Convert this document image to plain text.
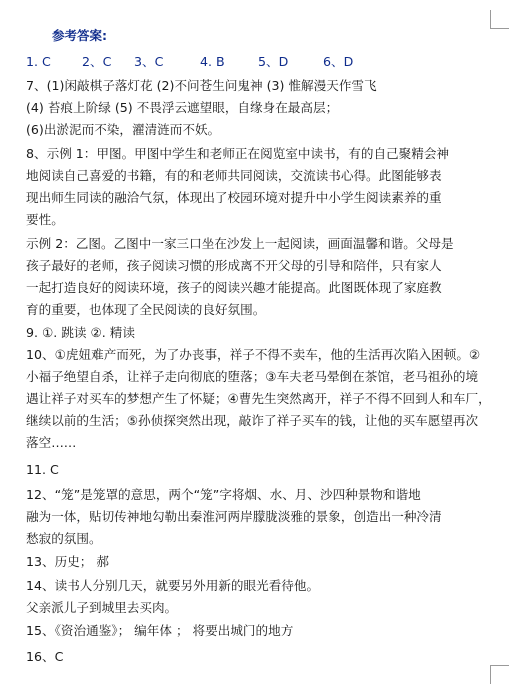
参考答案:
1. C 2、C 3、C	4. B	5、D	6、D
7、(1)闲敲棋子落灯花 (2)不问苍生问鬼神 (3) 惟解漫天作雪飞
(4) 苔痕上阶绿 (5) 不畏浮云遮望眼，自缘身在最高层；
(6)出淤泥而不染，濯清涟而不妖。
8、示例 1：甲图。甲图中学生和老师正在阅览室中读书，有的自己聚精会神
地阅读自己喜爱的书籍，有的和老师共同阅读，交流读书心得。此图能够表
现出师生同读的融洽气氛，体现出了校园环境对提升中小学生阅读素养的重
要性。
示例 2：乙图。乙图中一家三口坐在沙发上一起阅读，画面温馨和谐。父母是
孩子最好的老师，孩子阅读习惯的形成离不开父母的引导和陪伴，只有家人
一起打造良好的阅读环境，孩子的阅读兴趣才能提高。此图既体现了家庭教
育的重要，也体现了全民阅读的良好氛围。
9. ①. 跳读 ②. 精读
10、①虎妞难产而死，为了办丧事，祥子不得不卖车，他的生活再次陷入困顿。②
小福子绝望自杀，让祥子走向彻底的堕落；③车夫老马晕倒在茶馆，老马祖孙的境
遇让祥子对买车的梦想产生了怀疑；④曹先生突然离开，祥子不得不回到人和车厂，
继续以前的生活；⑤孙侦探突然出现，敲诈了祥子买车的钱，让他的买车愿望再次
落空……
11. C
12、“笼”是笼罩的意思，两个“笼”字将烟、水、月、沙四种景物和谐地
融为一体，贴切传神地勾勒出秦淮河两岸朦胧淡雅的景象，创造出一种冷清
愁寂的氛围。
13、历史； 郝
14、读书人分别几天，就要另外用新的眼光看待他。
父亲派儿子到城里去买肉。
15、《资治通鉴》； 编年体 ； 将要出城门的地方
16、C
